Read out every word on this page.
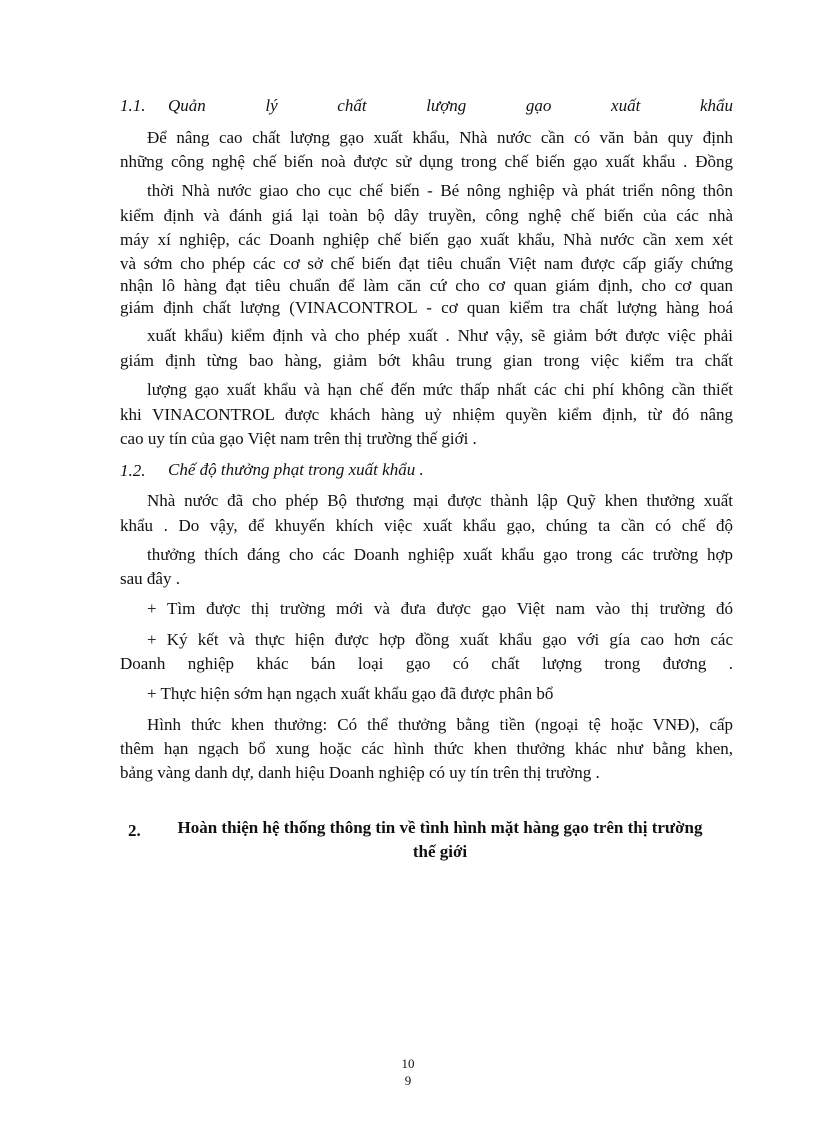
1.1. Quản lý chất lượng gạo xuất khẩu
Để nâng cao chất lượng gạo xuất khẩu, Nhà nước cần có văn bản quy định
những công nghệ chế biến noà được sử dụng trong chế biến gạo xuất khẩu . Đồng
thời Nhà nước giao cho cục chế biến - Bé nông nghiệp và phát triển nông thôn
kiểm định và đánh giá lại toàn bộ dây truyền, công nghệ chế biến của các nhà
máy xí nghiệp, các Doanh nghiệp chế biến gạo xuất khẩu, Nhà nước cần xem xét
và sớm cho phép các cơ sở chế biến đạt tiêu chuẩn Việt nam được cấp giấy chứng
nhận lô hàng đạt tiêu chuẩn để làm căn cứ cho cơ quan giám định, cho cơ quan
giám định chất lượng (VINACONTROL - cơ quan kiểm tra chất lượng hàng hoá
xuất khẩu) kiểm định và cho phép xuất . Như vậy, sẽ giảm bớt được việc phải
giám định từng bao hàng, giảm bớt khâu trung gian trong việc kiểm tra chất
lượng gạo xuất khẩu và hạn chế đến mức thấp nhất các chi phí không cần thiết
khi VINACONTROL được khách hàng uỷ nhiệm quyền kiểm định, từ đó nâng
cao uy tín của gạo Việt nam trên thị trường thế giới .
1.2. Chế độ thưởng phạt trong xuất khẩu .
Nhà nước đã cho phép Bộ thương mại được thành lập Quỹ khen thưởng xuất
khẩu . Do vậy, để khuyến khích việc xuất khẩu gạo, chúng ta cần có chế độ
thưởng thích đáng cho các Doanh nghiệp xuất khẩu gạo trong các trường hợp
sau đây .
+ Tìm được thị trường mới và đưa được gạo Việt nam vào thị trường đó
+ Ký kết và thực hiện được hợp đồng xuất khẩu gạo với gía cao hơn các
Doanh nghiệp khác bán loại gạo có chất lượng trong đương .
+ Thực hiện sớm hạn ngạch xuất khẩu gạo đã được phân bổ
Hình thức khen thưởng: Có thể thưởng bằng tiền (ngoại tệ hoặc VNĐ), cấp
thêm hạn ngạch bổ xung hoặc các hình thức khen thưởng khác như bằng khen,
bảng vàng danh dự, danh hiệu Doanh nghiệp có uy tín trên thị trường .
2.	Hoàn thiện hệ thống thông tin về tình hình mặt hàng gạo trên thị trường
thế giới
10
9
